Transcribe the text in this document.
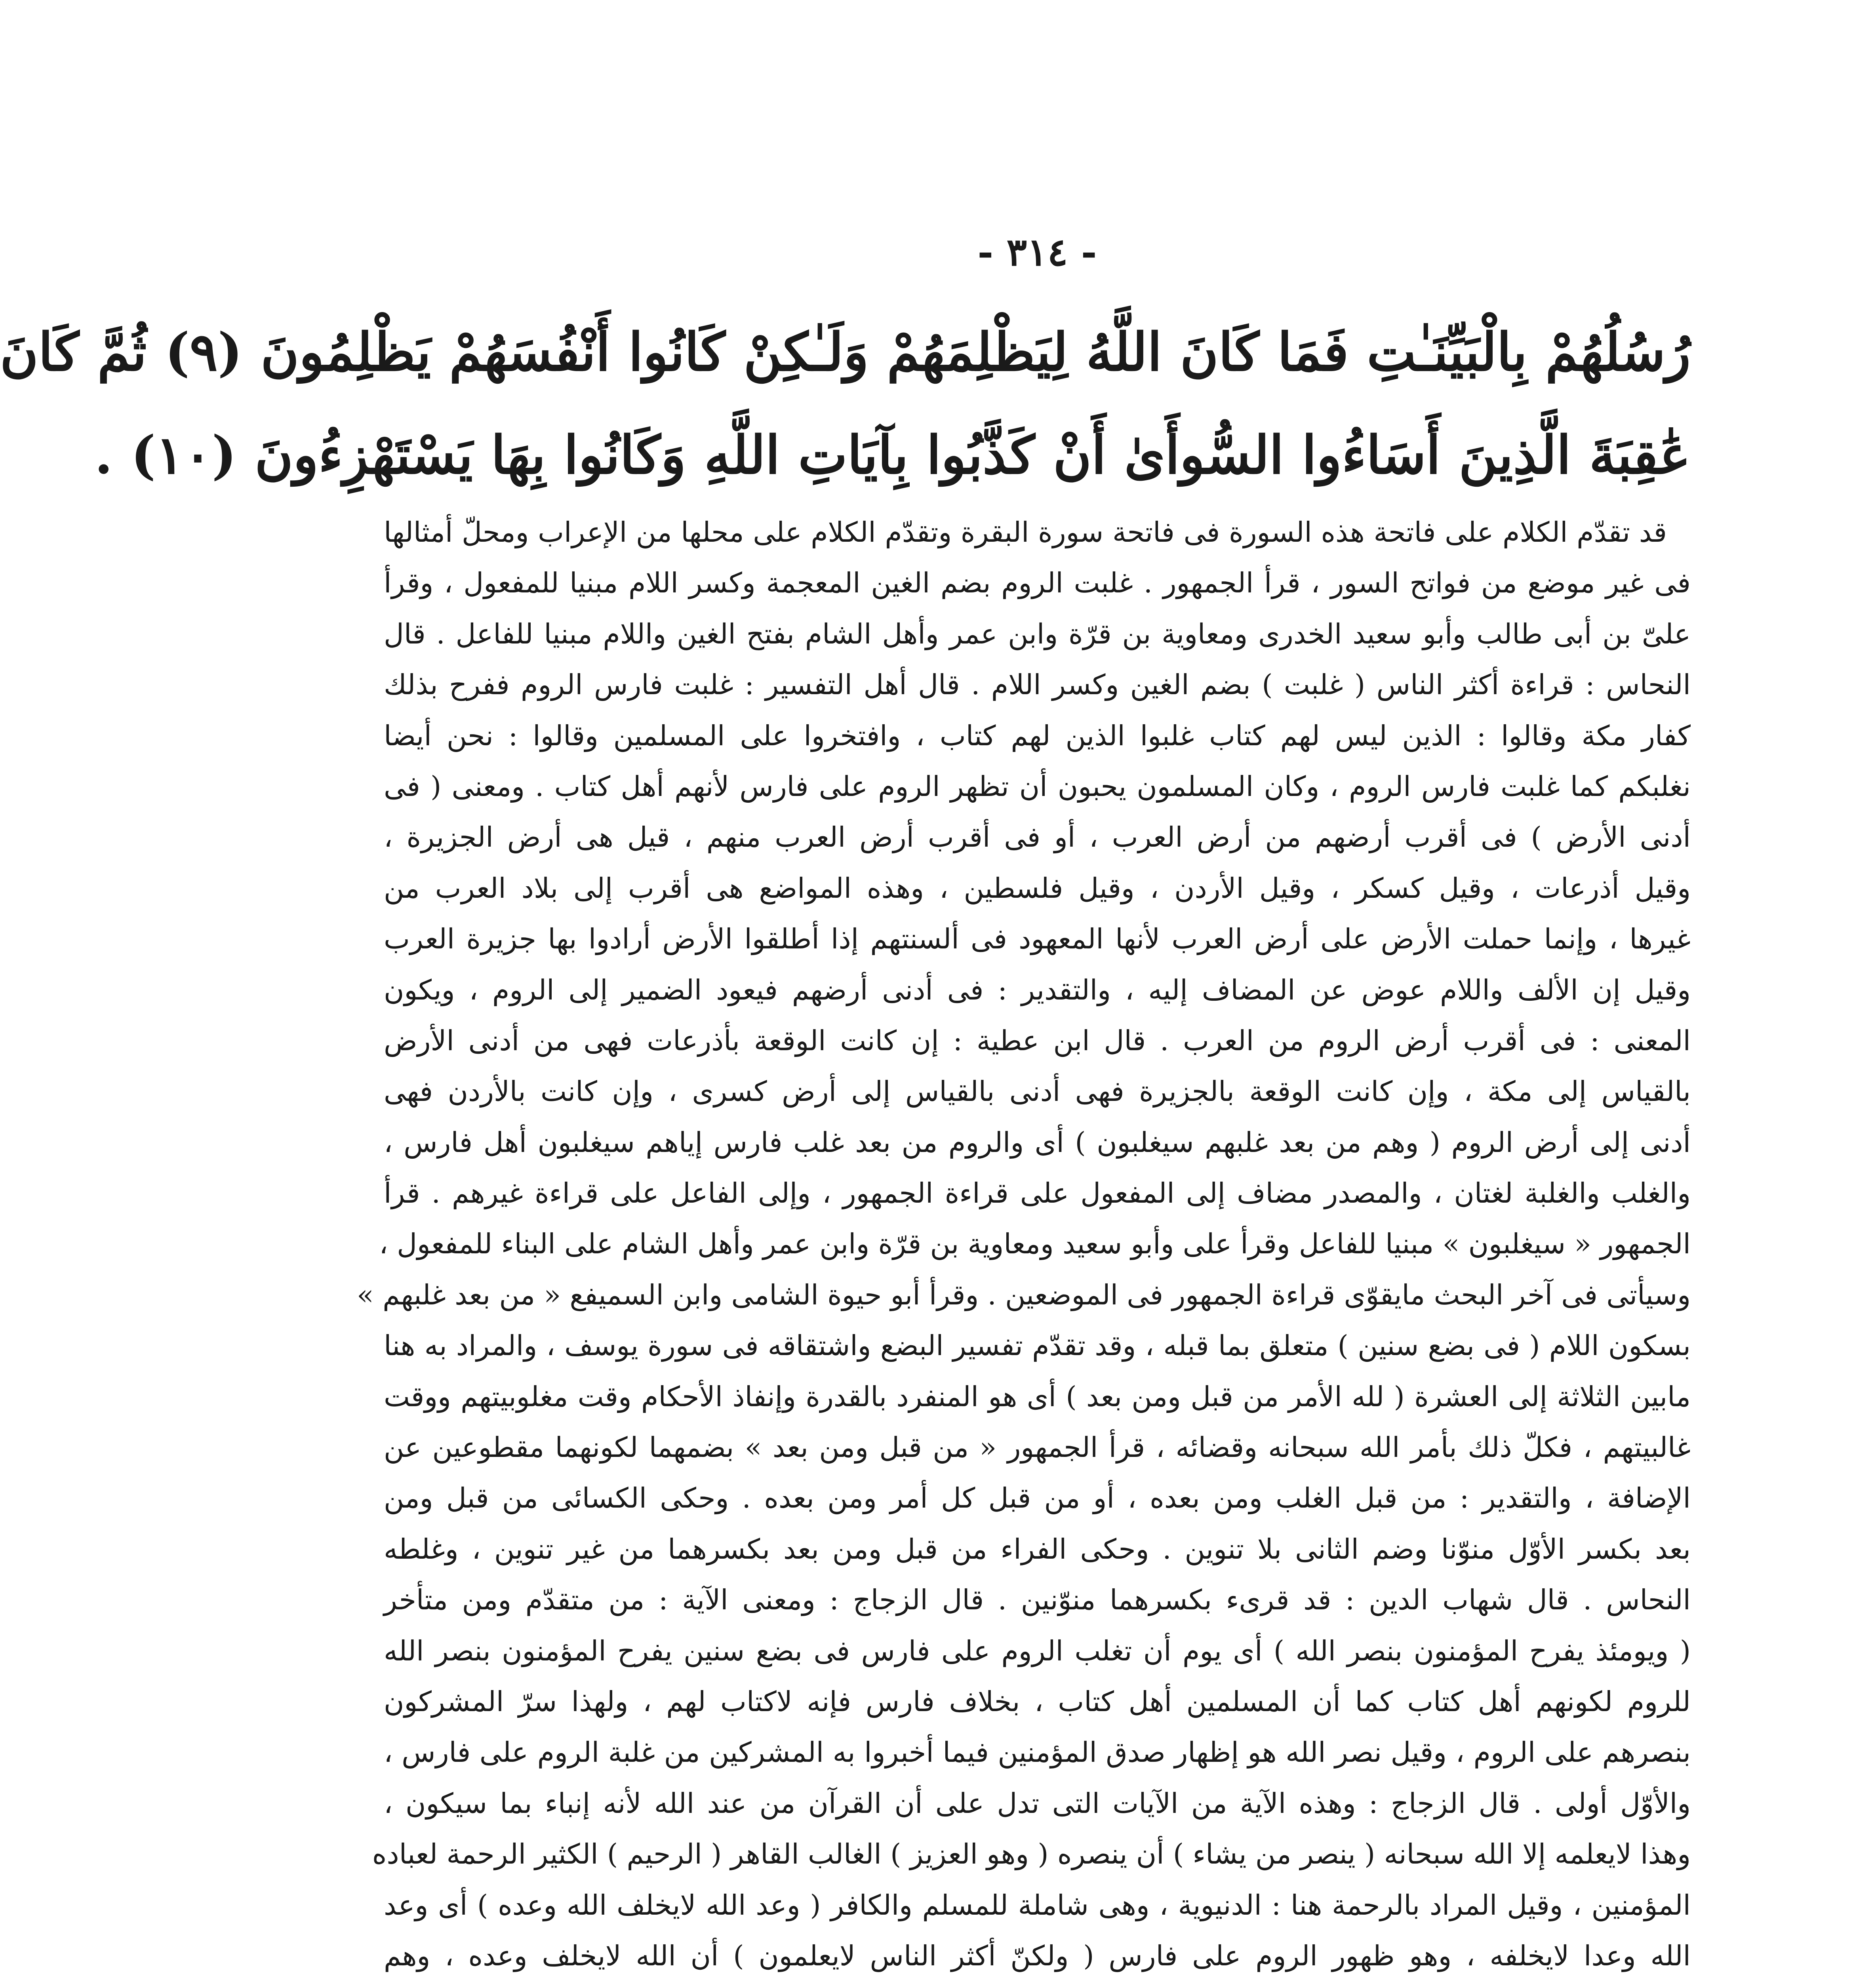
- ٣١٤ -
رُسُلُهُمْ بِالْبَيِّنَـٰتِ فَمَا كَانَ اللَّهُ لِيَظْلِمَهُمْ وَلَـٰكِنْ كَانُوا أَنْفُسَهُمْ يَظْلِمُونَ (٩) ثُمَّ كَانَ
عَٰقِبَةَ الَّذِينَ أَسَاءُوا السُّوأَىٰ أَنْ كَذَّبُوا بِآيَاتِ اللَّهِ وَكَانُوا بِهَا يَسْتَهْزِءُونَ (١٠) .
قد تقدّم الكلام على فاتحة هذه السورة فى فاتحة سورة البقرة وتقدّم الكلام على محلها من الإعراب ومحلّ أمثالها
فى غير موضع من فواتح السور ، قرأ الجمهور . غلبت الروم بضم الغين المعجمة وكسر اللام مبنيا للمفعول ، وقرأ
علىّ بن أبى طالب وأبو سعيد الخدرى ومعاوية بن قرّة وابن عمر وأهل الشام بفتح الغين واللام مبنيا للفاعل . قال
النحاس : قراءة أكثر الناس ( غلبت ) بضم الغين وكسر اللام . قال أهل التفسير : غلبت فارس الروم ففرح بذلك
كفار مكة وقالوا : الذين ليس لهم كتاب غلبوا الذين لهم كتاب ، وافتخروا على المسلمين وقالوا : نحن أيضا
نغلبكم كما غلبت فارس الروم ، وكان المسلمون يحبون أن تظهر الروم على فارس لأنهم أهل كتاب . ومعنى ( فى
أدنى الأرض ) فى أقرب أرضهم من أرض العرب ، أو فى أقرب أرض العرب منهم ، قيل هى أرض الجزيرة ،
وقيل أذرعات ، وقيل كسكر ، وقيل الأردن ، وقيل فلسطين ، وهذه المواضع هى أقرب إلى بلاد العرب من
غيرها ، وإنما حملت الأرض على أرض العرب لأنها المعهود فى ألسنتهم إذا أطلقوا الأرض أرادوا بها جزيرة العرب
وقيل إن الألف واللام عوض عن المضاف إليه ، والتقدير : فى أدنى أرضهم فيعود الضمير إلى الروم ، ويكون
المعنى : فى أقرب أرض الروم من العرب . قال ابن عطية : إن كانت الوقعة بأذرعات فهى من أدنى الأرض
بالقياس إلى مكة ، وإن كانت الوقعة بالجزيرة فهى أدنى بالقياس إلى أرض كسرى ، وإن كانت بالأردن فهى
أدنى إلى أرض الروم ( وهم من بعد غلبهم سيغلبون ) أى والروم من بعد غلب فارس إياهم سيغلبون أهل فارس ،
والغلب والغلبة لغتان ، والمصدر مضاف إلى المفعول على قراءة الجمهور ، وإلى الفاعل على قراءة غيرهم . قرأ
الجمهور « سيغلبون » مبنيا للفاعل وقرأ على وأبو سعيد ومعاوية بن قرّة وابن عمر وأهل الشام على البناء للمفعول ،
وسيأتى فى آخر البحث مايقوّى قراءة الجمهور فى الموضعين . وقرأ أبو حيوة الشامى وابن السميفع « من بعد غلبهم »
بسكون اللام ( فى بضع سنين ) متعلق بما قبله ، وقد تقدّم تفسير البضع واشتقاقه فى سورة يوسف ، والمراد به هنا
مابين الثلاثة إلى العشرة ( لله الأمر من قبل ومن بعد ) أى هو المنفرد بالقدرة وإنفاذ الأحكام وقت مغلوبيتهم ووقت
غالبيتهم ، فكلّ ذلك بأمر الله سبحانه وقضائه ، قرأ الجمهور « من قبل ومن بعد » بضمهما لكونهما مقطوعين عن
الإضافة ، والتقدير : من قبل الغلب ومن بعده ، أو من قبل كل أمر ومن بعده . وحكى الكسائى من قبل ومن
بعد بكسر الأوّل منوّنا وضم الثانى بلا تنوين . وحكى الفراء من قبل ومن بعد بكسرهما من غير تنوين ، وغلطه
النحاس . قال شهاب الدين : قد قرىء بكسرهما منوّنين . قال الزجاج : ومعنى الآية : من متقدّم ومن متأخر
( ويومئذ يفرح المؤمنون بنصر الله ) أى يوم أن تغلب الروم على فارس فى بضع سنين يفرح المؤمنون بنصر الله
للروم لكونهم أهل كتاب كما أن المسلمين أهل كتاب ، بخلاف فارس فإنه لاكتاب لهم ، ولهذا سرّ المشركون
بنصرهم على الروم ، وقيل نصر الله هو إظهار صدق المؤمنين فيما أخبروا به المشركين من غلبة الروم على فارس ،
والأوّل أولى . قال الزجاج : وهذه الآية من الآيات التى تدل على أن القرآن من عند الله لأنه إنباء بما سيكون ،
وهذا لايعلمه إلا الله سبحانه ( ينصر من يشاء ) أن ينصره ( وهو العزيز ) الغالب القاهر ( الرحيم ) الكثير الرحمة لعباده
المؤمنين ، وقيل المراد بالرحمة هنا : الدنيوية ، وهى شاملة للمسلم والكافر ( وعد الله لايخلف الله وعده ) أى وعد
الله وعدا لايخلفه ، وهو ظهور الروم على فارس ( ولكنّ أكثر الناس لايعلمون ) أن الله لايخلف وعده ، وهم
